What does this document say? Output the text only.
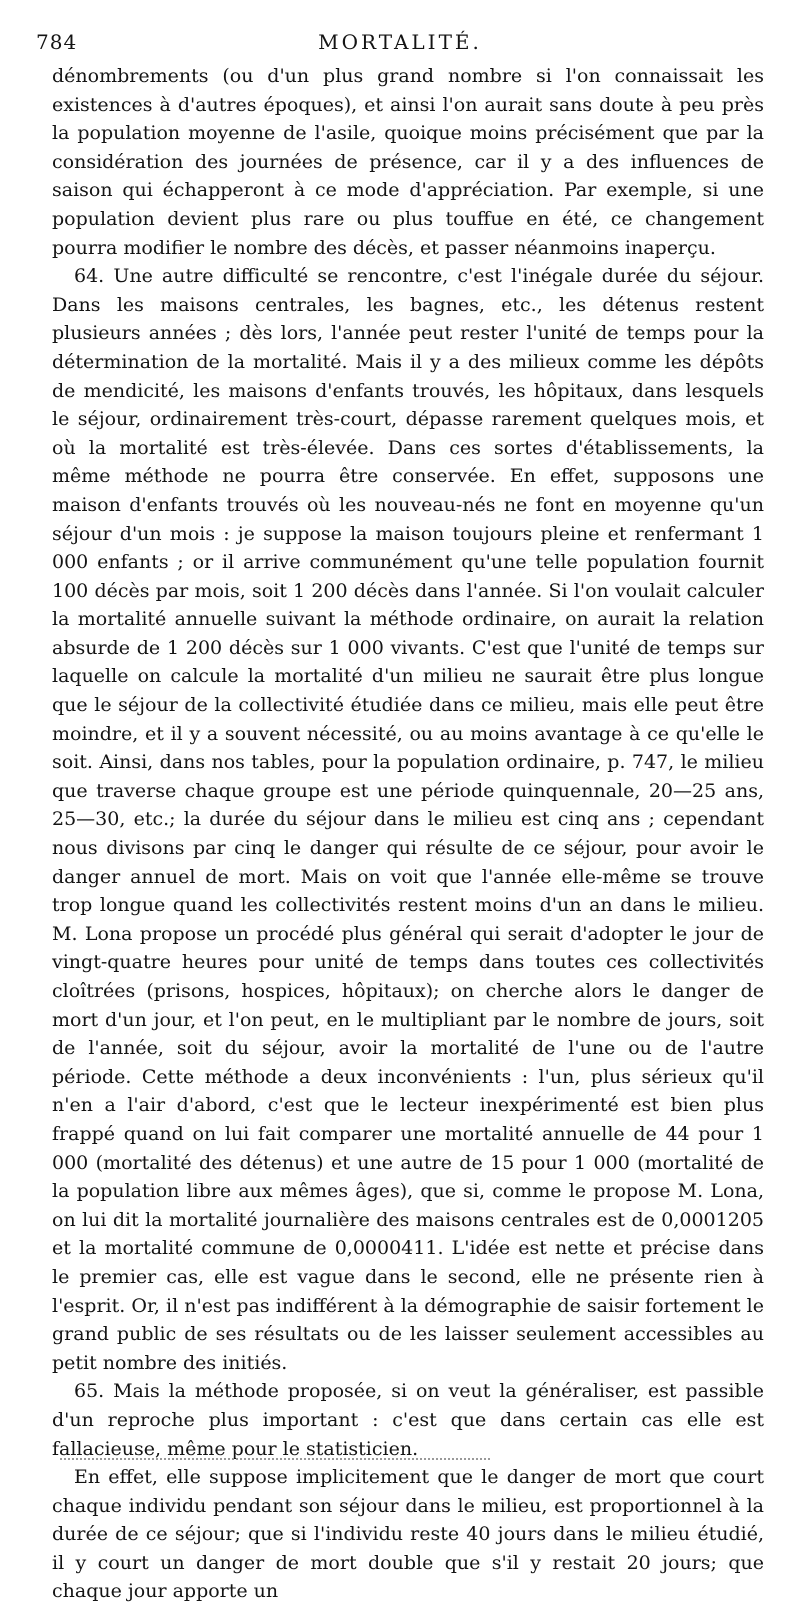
784	MORTALITÉ.

dénombrements (ou d'un plus grand nombre si l'on connaissait les existences à d'autres époques), et ainsi l'on aurait sans doute à peu près la population moyenne de l'asile, quoique moins précisément que par la considération des journées de présence, car il y a des influences de saison qui échapperont à ce mode d'appréciation. Par exemple, si une population devient plus rare ou plus touffue en été, ce changement pourra modifier le nombre des décès, et passer néanmoins inaperçu.

64. Une autre difficulté se rencontre, c'est l'inégale durée du séjour. Dans les maisons centrales, les bagnes, etc., les détenus restent plusieurs années ; dès lors, l'année peut rester l'unité de temps pour la détermination de la mortalité. Mais il y a des milieux comme les dépôts de mendicité, les maisons d'enfants trouvés, les hôpitaux, dans lesquels le séjour, ordinairement très-court, dépasse rarement quelques mois, et où la mortalité est très-élevée. Dans ces sortes d'établissements, la même méthode ne pourra être conservée. En effet, supposons une maison d'enfants trouvés où les nouveau-nés ne font en moyenne qu'un séjour d'un mois : je suppose la maison toujours pleine et renfermant 1 000 enfants ; or il arrive communément qu'une telle population fournit 100 décès par mois, soit 1 200 décès dans l'année. Si l'on voulait calculer la mortalité annuelle suivant la méthode ordinaire, on aurait la relation absurde de 1 200 décès sur 1 000 vivants. C'est que l'unité de temps sur laquelle on calcule la mortalité d'un milieu ne saurait être plus longue que le séjour de la collectivité étudiée dans ce milieu, mais elle peut être moindre, et il y a souvent nécessité, ou au moins avantage à ce qu'elle le soit. Ainsi, dans nos tables, pour la population ordinaire, p. 747, le milieu que traverse chaque groupe est une période quinquennale, 20—25 ans, 25—30, etc.; la durée du séjour dans le milieu est cinq ans ; cependant nous divisons par cinq le danger qui résulte de ce séjour, pour avoir le danger annuel de mort. Mais on voit que l'année elle-même se trouve trop longue quand les collectivités restent moins d'un an dans le milieu. M. Lona propose un procédé plus général qui serait d'adopter le jour de vingt-quatre heures pour unité de temps dans toutes ces collectivités cloîtrées (prisons, hospices, hôpitaux); on cherche alors le danger de mort d'un jour, et l'on peut, en le multipliant par le nombre de jours, soit de l'année, soit du séjour, avoir la mortalité de l'une ou de l'autre période. Cette méthode a deux inconvénients : l'un, plus sérieux qu'il n'en a l'air d'abord, c'est que le lecteur inexpérimenté est bien plus frappé quand on lui fait comparer une mortalité annuelle de 44 pour 1 000 (mortalité des détenus) et une autre de 15 pour 1 000 (mortalité de la population libre aux mêmes âges), que si, comme le propose M. Lona, on lui dit la mortalité journalière des maisons centrales est de 0,0001205 et la mortalité commune de 0,0000411. L'idée est nette et précise dans le premier cas, elle est vague dans le second, elle ne présente rien à l'esprit. Or, il n'est pas indifférent à la démographie de saisir fortement le grand public de ses résultats ou de les laisser seulement accessibles au petit nombre des initiés.

65. Mais la méthode proposée, si on veut la généraliser, est passible d'un reproche plus important : c'est que dans certain cas elle est fallacieuse, même pour le statisticien.

En effet, elle suppose implicitement que le danger de mort que court chaque individu pendant son séjour dans le milieu, est proportionnel à la durée de ce séjour; que si l'individu reste 40 jours dans le milieu étudié, il y court un danger de mort double que s'il y restait 20 jours; que chaque jour apporte un
